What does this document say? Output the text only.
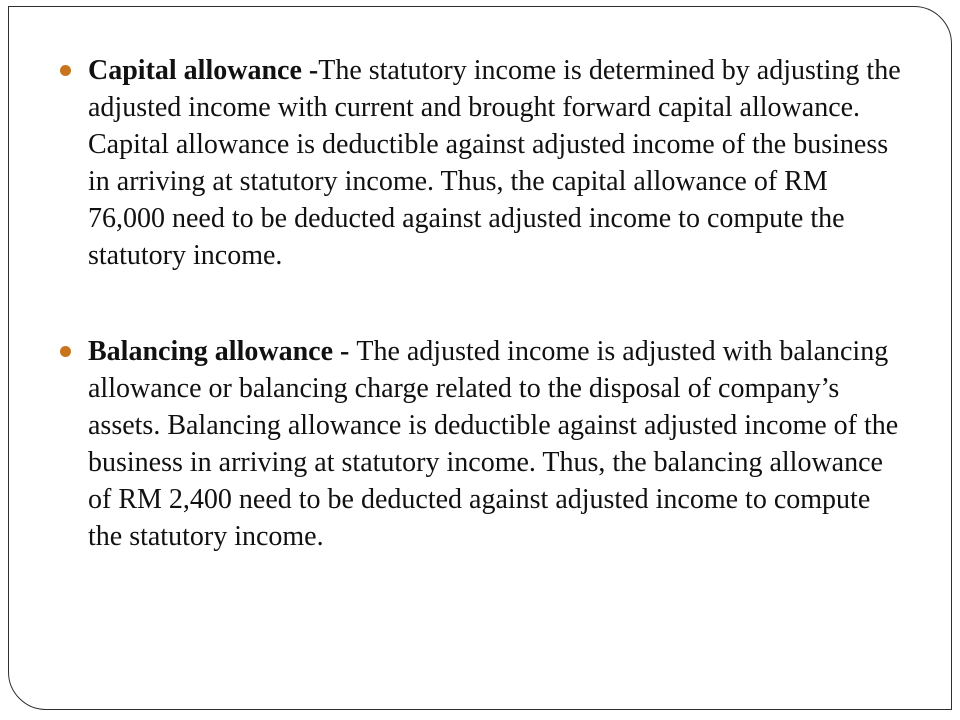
Capital allowance -The statutory income is determined by adjusting the adjusted income with current and brought forward capital allowance. Capital allowance is deductible against adjusted income of the business in arriving at statutory income. Thus, the capital allowance of RM 76,000 need to be deducted against adjusted income to compute the statutory income.
Balancing allowance - The adjusted income is adjusted with balancing allowance or balancing charge related to the disposal of company’s assets. Balancing allowance is deductible against adjusted income of the business in arriving at statutory income. Thus, the balancing allowance of RM 2,400 need to be deducted against adjusted income to compute the statutory income.
